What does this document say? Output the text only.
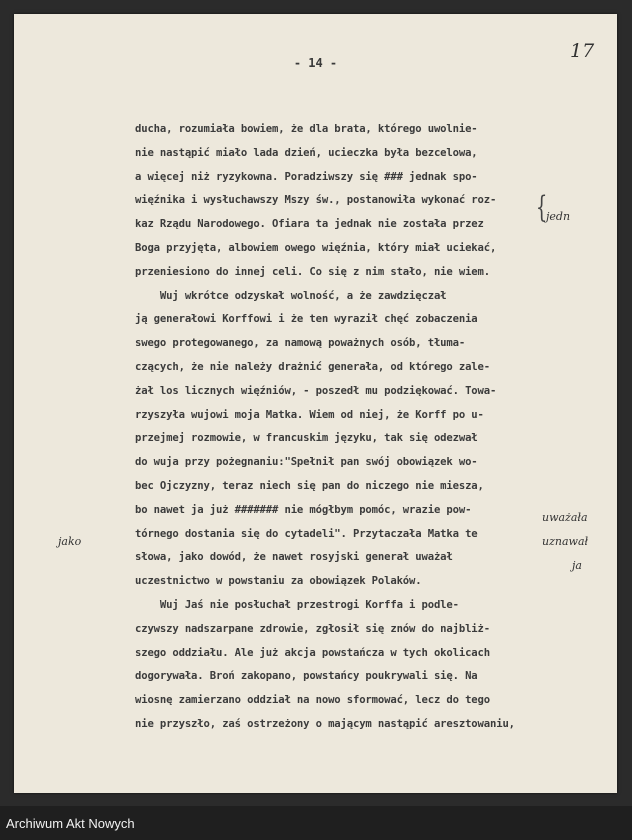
- 14 -
17
ducha, rozumiała bowiem, że dla brata, którego uwolnie-
nie nastąpić miało lada dzień, ucieczka była bezcelowa,
a więcej niż ryzykowna. Poradziwszy się ### jednak spo-
więźnika i wysłuchawszy Mszy św., postanowiła wykonać roz-
kaz Rządu Narodowego. Ofiara ta jednak nie została przez
Boga przyjęta, albowiem owego więźnia, który miał uciekać,
przeniesiono do innej celi. Co się z nim stało, nie wiem.
Wuj wkrótce odzyskał wolność, a że zawdzięczał
ją generałowi Korffowi i że ten wyraził chęć zobaczenia
swego protegowanego, za namową poważnych osób, tłuma-
czących, że nie należy drażnić generała, od którego zale-
żał los licznych więźniów, - poszedł mu podziękować. Towa-
rzyszyła wujowi moja Matka. Wiem od niej, że Korff po u-
przejmej rozmowie, w francuskim języku, tak się odezwał
do wuja przy pożegnaniu:"Spełnił pan swój obowiązek wo-
bec Ojczyzny, teraz niech się pan do niczego nie miesza,
bo nawet ja już ####### nie mógłbym pomóc, wrazie pow-
tórnego dostania się do cytadeli". Przytaczała Matka te
słowa, jako dowód, że nawet rosyjski generał uważał
uczestnictwo w powstaniu za obowiązek Polaków.
Wuj Jaś nie posłuchał przestrogi Korffa i podle-
czywszy nadszarpane zdrowie, zgłosił się znów do najbliż-
szego oddziału. Ale już akcja powstańcza w tych okolicach
dogorywała. Broń zakopano, powstańcy poukrywali się. Na
wiosnę zamierzano oddział na nowo sformować, lecz do tego
nie przyszło, zaś ostrzeżony o mającym nastąpić aresztowaniu,
{
jedn
uważała
uznawał
ja
jako
Archiwum Akt Nowych
